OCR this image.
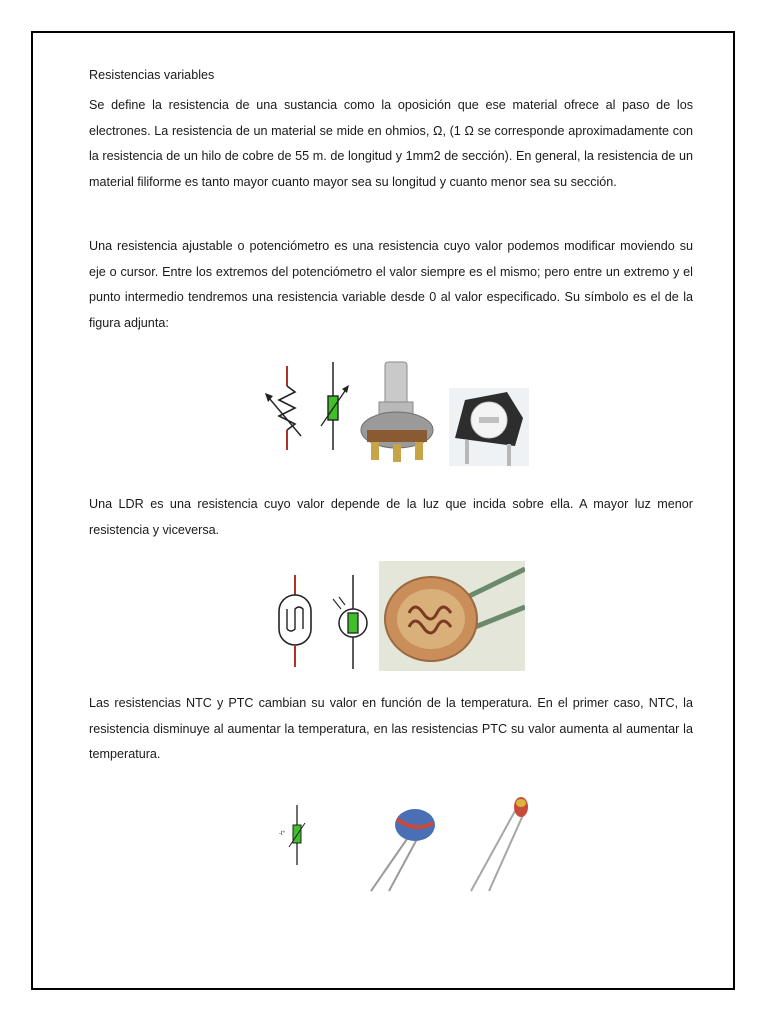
Resistencias variables
Se define la resistencia de una sustancia como la oposición que ese material ofrece al paso de los electrones. La resistencia de un material se mide en ohmios, Ω, (1 Ω se corresponde aproximadamente con la resistencia de un hilo de cobre de 55 m. de longitud y 1mm2 de sección). En general, la resistencia de un material filiforme es tanto mayor cuanto mayor sea su longitud y cuanto menor sea su sección.
Una resistencia ajustable o potenciómetro es una resistencia cuyo valor podemos modificar moviendo su eje o cursor. Entre los extremos del potenciómetro el valor siempre es el mismo; pero entre un extremo y el punto intermedio tendremos una resistencia variable desde 0 al valor especificado. Su símbolo es el de la figura adjunta:
Una LDR es una resistencia cuyo valor depende de la luz que incida sobre ella. A mayor luz menor resistencia y viceversa.
Las resistencias NTC y PTC cambian su valor en función de la temperatura. En el primer caso, NTC, la resistencia disminuye al aumentar la temperatura, en las resistencias PTC su valor aumenta al aumentar la temperatura.
-t°
